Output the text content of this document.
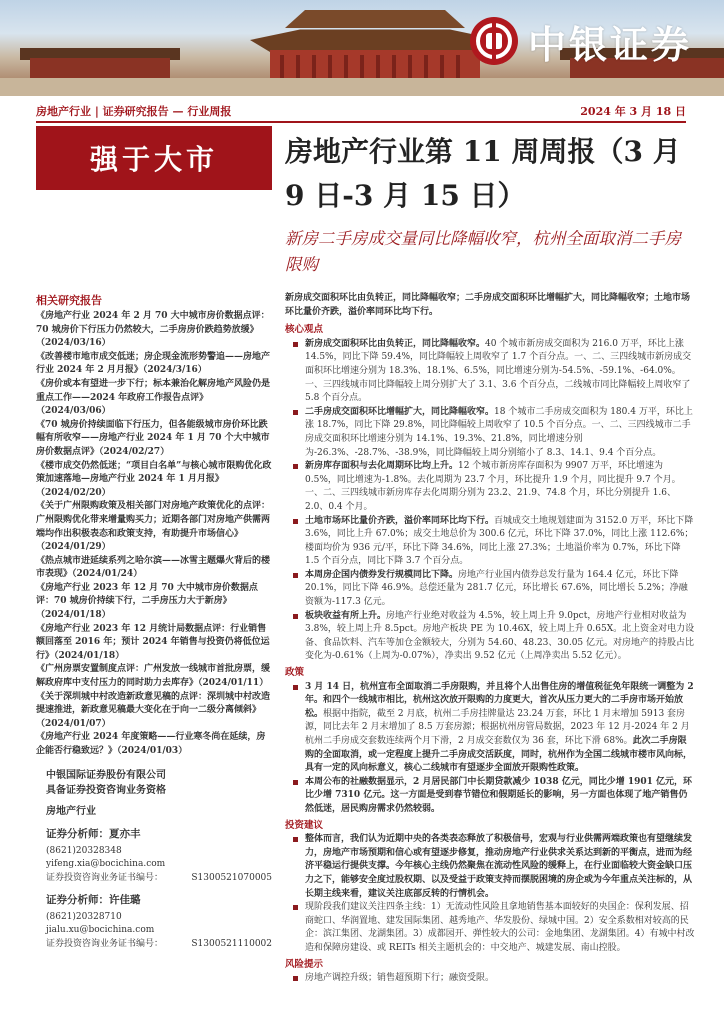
中银证券
房地产行业 | 证券研究报告 — 行业周报	2024 年 3 月 18 日
强于大市	房地产行业第 11 周周报（3 月 9 日-3 月 15 日）
新房二手房成交量同比降幅收窄，杭州全面取消二手房限购
相关研究报告
《房地产行业 2024 年 2 月 70 大中城市房价数据点评：70 城房价下行压力仍然较大，二手房房价跌趋势放缓》（2024/03/16）
《改善楼市地市成交低迷；房企现金流形势警追——房地产行业 2024 年 2 月月报》（2024/3/16）
《房价或本有望进一步下行；标本兼治化解房地产风险仍是重点工作——2024 年政府工作报告点评》（2024/03/06）
《70 城房价持续面临下行压力，但各能级城市房价环比跌幅有所收窄——房地产行业 2024 年 1 月 70 个大中城市房价数据点评》（2024/02/27）
《楼市成交仍然低迷；“项目白名单”与核心城市限购优化政策加速落地—房地产行业 2024 年 1 月月报》（2024/02/20）
《关于广州限购政策及相关部门对房地产政策优化的点评：广州限购优化带来增量购买力；近期各部门对房地产供需两端均作出积极表态和政策支持，有助提升市场信心》（2024/01/29）
《热点城市进延续系列之哈尔滨——冰雪主题爆火背后的楼市表现》（2024/01/24）
《房地产行业 2023 年 12 月 70 大中城市房价数据点评：70 城房价持续下行，二手房压力大于新房》（2024/01/18）
《房地产行业 2023 年 12 月统计局数据点评：行业销售额回落至 2016 年；预计 2024 年销售与投资仍将低位运行》（2024/01/18）
《广州房票安置制度点评：广州发放一线城市首批房票，缓解政府库中支付压力的同时助力去库存》（2024/01/11）
《关于深圳城中村改造新政意见稿的点评：深圳城中村改造提速推进，新政意见稿最大变化在于向一二级分离倾斜》（2024/01/07）
《房地产行业 2024 年度策略——行业寒冬尚在延续，房企能否行稳致远？》（2024/01/03）
中银国际证券股份有限公司
具备证券投资咨询业务资格
房地产行业
证券分析师：夏亦丰
(8621)20328348
yifeng.xia@bocichina.com
证券投资咨询业务证书编号：	S1300521070005
证券分析师：许佳璐
(8621)20328710
jialu.xu@bocichina.com
证券投资咨询业务证书编号：	S1300521110002
新房成交面积环比由负转正，同比降幅收窄；二手房成交面积环比增幅扩大，同比降幅收窄；土地市场环比量价齐跌，溢价率同环比均下行。
核心观点
新房成交面积环比由负转正，同比降幅收窄。40 个城市新房成交面积为 216.0 万平，环比上涨 14.5%，同比下降 59.4%，同比降幅较上周收窄了 1.7 个百分点。一、二、三四线城市新房成交面积环比增速分别为 18.3%、18.1%、6.5%，同比增速分别为-54.5%、-59.1%、-64.0%。一、三四线城市同比降幅较上周分别扩大了 3.1、3.6 个百分点，二线城市同比降幅较上周收窄了 5.8 个百分点。
二手房成交面积环比增幅扩大，同比降幅收窄。18 个城市二手房成交面积为 180.4 万平，环比上涨 18.7%，同比下降 29.8%，同比降幅较上周收窄了 10.5 个百分点。一、二、三四线城市二手房成交面积环比增速分别为 14.1%、19.3%、21.8%，同比增速分别为-26.3%、-28.7%、-38.9%，同比降幅较上周分别缩小了 8.3、14.1、9.4 个百分点。
新房库存面积与去化周期环比均上升。12 个城市新房库存面积为 9907 万平，环比增速为 0.5%，同比增速为-1.8%。去化周期为 23.7 个月，环比提升 1.9 个月，同比提升 9.7 个月。一、二、三四线城市新房库存去化周期分别为 23.2、21.9、74.8 个月，环比分别提升 1.6、2.0、0.4 个月。
土地市场环比量价齐跌，溢价率同环比均下行。百城成交土地规划建面为 3152.0 万平，环比下降 3.6%，同比上升 67.0%；成交土地总价为 300.6 亿元，环比下降 37.0%，同比上涨 112.6%；楼面均价为 936 元/平，环比下降 34.6%，同比上涨 27.3%；土地溢价率为 0.7%，环比下降 1.5 个百分点，同比下降 3.7 个百分点。
本周房企国内债券发行规模同比下降。房地产行业国内债券总发行量为 164.4 亿元，环比下降 20.1%，同比下降 46.9%。总偿还量为 281.7 亿元，环比增长 67.6%，同比增长 5.2%；净融资额为-117.3 亿元。
板块收益有所上升。房地产行业绝对收益为 4.5%，较上周上升 9.0pct，房地产行业相对收益为 3.8%，较上周上升 8.5pct。房地产板块 PE 为 10.46X，较上周上升 0.65X。北上资金对电力设备、食品饮料、汽车等加仓金额较大，分别为 54.60、48.23、30.05 亿元。对房地产的持股占比变化为-0.61%（上周为-0.07%），净卖出 9.52 亿元（上周净卖出 5.52 亿元）。
政策
3 月 14 日，杭州宣布全面取消二手房限购，并且将个人出售住房的增值税征免年限统一调整为 2 年。和四个一线城市相比，杭州这次放开限购的力度更大，首次从压力更大的二手房市场开始放松。根据中指院，截至 2 月底，杭州二手房挂牌量达 23.24 万套，环比 1 月末增加 5913 套房源，同比去年 2 月末增加了 8.5 万套房源；根据杭州房管局数据，2023 年 12 月-2024 年 2 月杭州二手房成交套数连续两个月下滑，2 月成交套数仅为 36 套，环比下滑 68%。此次二手房限购的全面取消，或一定程度上提升二手房成交活跃度，同时，杭州作为全国二线城市楼市风向标，具有一定的风向标意义，核心二线城市有望逐步全面放开限购性政策。
本周公布的社融数据显示，2 月居民部门中长期贷款减少 1038 亿元，同比少增 1901 亿元，环比少增 7310 亿元。这一方面是受到春节错位和假期延长的影响，另一方面也体现了地产销售仍然低迷，居民购房需求仍然较弱。
投资建议
整体而言，我们认为近期中央的各类表态释放了积极信号，宏观与行业供需两端政策也有望继续发力，房地产市场预期和信心或有望逐步修复，推动房地产行业供求关系达到新的平衡点，进而为经济平稳运行提供支撑。今年核心主线仍然聚焦在流动性风险的缓释上，在行业面临较大资金缺口压力之下，能够安全度过股权期、以及受益于政策支持而摆脱困境的房企或为今年重点关注标的，从长期主线来看，建议关注底部反转的行情机会。
现阶段我们建议关注四条主线：1）无流动性风险且拿地销售基本面较好的央国企：保利发展、招商蛇口、华润置地、建发国际集团、越秀地产、华发股份、绿城中国。2）安全系数相对较高的民企：滨江集团、龙湖集团。3）成都园开、弹性较大的公司：金地集团、龙湖集团。4）有城中村改造和保障房建设、或 REITs 相关主题机会的：中交地产、城建发展、南山控股。
风险提示
房地产调控升级；销售超预期下行；融资受限。
